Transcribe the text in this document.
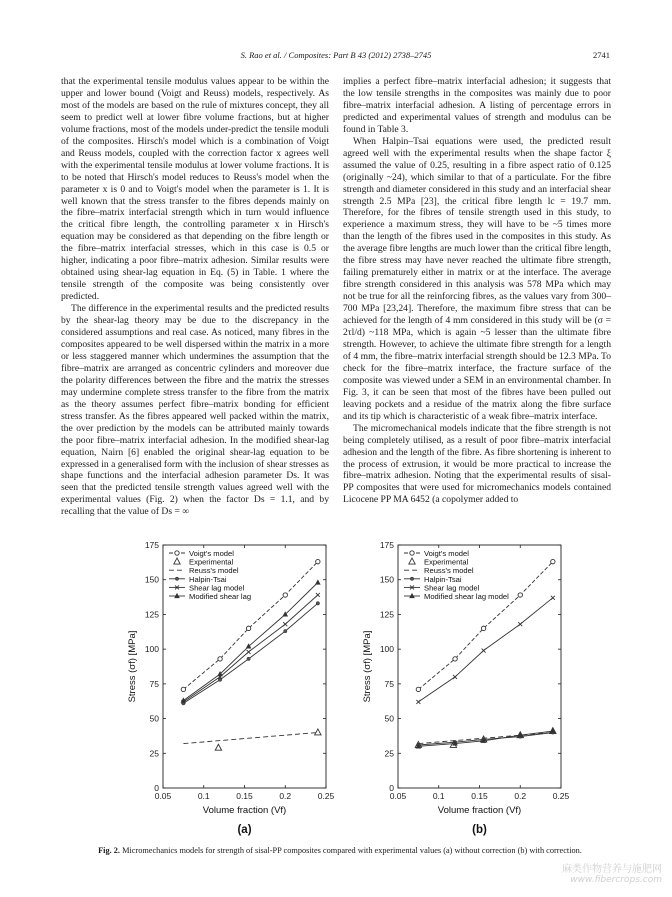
S. Rao et al. / Composites: Part B 43 (2012) 2738–2745	2741

that the experimental tensile modulus values appear to be within the upper and lower bound (Voigt and Reuss) models, respectively. As most of the models are based on the rule of mixtures concept, they all seem to predict well at lower fibre volume fractions, but at higher volume fractions, most of the models under-predict the tensile moduli of the composites. Hirsch's model which is a combination of Voigt and Reuss models, coupled with the correction factor x agrees well with the experimental tensile modulus at lower volume fractions. It is to be noted that Hirsch's model reduces to Reuss's model when the parameter x is 0 and to Voigt's model when the parameter is 1. It is well known that the stress transfer to the fibres depends mainly on the fibre–matrix interfacial strength which in turn would influence the critical fibre length, the controlling parameter x in Hirsch's equation may be considered as that depending on the fibre length or the fibre–matrix interfacial stresses, which in this case is 0.5 or higher, indicating a poor fibre–matrix adhesion. Similar results were obtained using shear-lag equation in Eq. (5) in Table. 1 where the tensile strength of the composite was being consistently over predicted.

The difference in the experimental results and the predicted results by the shear-lag theory may be due to the discrepancy in the considered assumptions and real case. As noticed, many fibres in the composites appeared to be well dispersed within the matrix in a more or less staggered manner which undermines the assumption that the fibre–matrix are arranged as concentric cylinders and moreover due the polarity differences between the fibre and the matrix the stresses may undermine complete stress transfer to the fibre from the matrix as the theory assumes perfect fibre–matrix bonding for efficient stress transfer. As the fibres appeared well packed within the matrix, the over prediction by the models can be attributed mainly towards the poor fibre–matrix interfacial adhesion. In the modified shear-lag equation, Nairn [6] enabled the original shear-lag equation to be expressed in a generalised form with the inclusion of shear stresses as shape functions and the interfacial adhesion parameter Ds. It was seen that the predicted tensile strength values agreed well with the experimental values (Fig. 2) when the factor Ds = 1.1, and by recalling that the value of Ds = ∞

implies a perfect fibre–matrix interfacial adhesion; it suggests that the low tensile strengths in the composites was mainly due to poor fibre–matrix interfacial adhesion. A listing of percentage errors in predicted and experimental values of strength and modulus can be found in Table 3.

When Halpin–Tsai equations were used, the predicted result agreed well with the experimental results when the shape factor ξ assumed the value of 0.25, resulting in a fibre aspect ratio of 0.125 (originally ~24), which similar to that of a particulate. For the fibre strength and diameter considered in this study and an interfacial shear strength 2.5 MPa [23], the critical fibre length lc = 19.7 mm. Therefore, for the fibres of tensile strength used in this study, to experience a maximum stress, they will have to be ~5 times more than the length of the fibres used in the composites in this study. As the average fibre lengths are much lower than the critical fibre length, the fibre stress may have never reached the ultimate fibre strength, failing prematurely either in matrix or at the interface. The average fibre strength considered in this analysis was 578 MPa which may not be true for all the reinforcing fibres, as the values vary from 300–700 MPa [23,24]. Therefore, the maximum fibre stress that can be achieved for the length of 4 mm considered in this study will be (σ = 2τl/d) ~118 MPa, which is again ~5 lesser than the ultimate fibre strength. However, to achieve the ultimate fibre strength for a length of 4 mm, the fibre–matrix interfacial strength should be 12.3 MPa. To check for the fibre–matrix interface, the fracture surface of the composite was viewed under a SEM in an environmental chamber. In Fig. 3, it can be seen that most of the fibres have been pulled out leaving pockets and a residue of the matrix along the fibre surface and its tip which is characteristic of a weak fibre–matrix interface.

The micromechanical models indicate that the fibre strength is not being completely utilised, as a result of poor fibre–matrix interfacial adhesion and the length of the fibre. As fibre shortening is inherent to the process of extrusion, it would be more practical to increase the fibre–matrix adhesion. Noting that the experimental results of sisal-PP composites that were used for micromechanics models contained Licocene PP MA 6452 (a copolymer added to

0
25
50
75
100
125
150
175
0.05	0.1	0.15	0.2	0.25
Volume fraction (Vf)
Stress (σf) [MPa]
(a)
Voigt's model
Experimental
Reuss's model
Halpin-Tsai
Shear lag model
Modified shear lag
0
25
50
75
100
125
150
175
0.05	0.1	0.15	0.2	0.25
Volume fraction (Vf)
Stress (σf) [MPa]
(b)
Voigt's model
Experimental
Reuss's model
Halpin-Tsai
Shear lag model
Modified shear lag model
Fig. 2. Micromechanics models for strength of sisal-PP composites compared with experimental values (a) without correction (b) with correction.
麻类作物营养与施肥网
www.fibercrops.com
